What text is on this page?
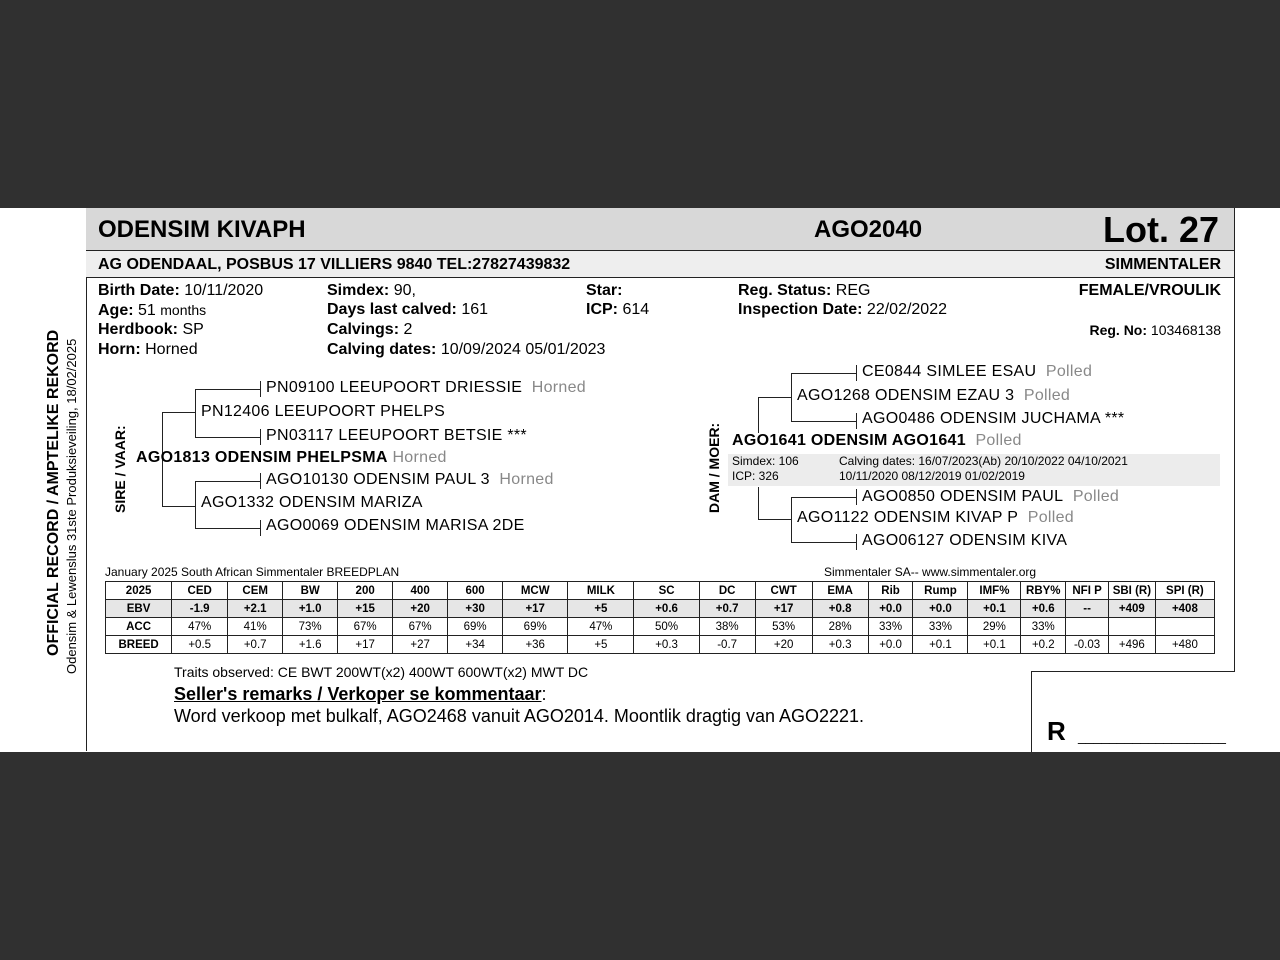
OFFICIAL RECORD / AMPTELIKE REKORD Odensim & Lewenslus 31ste Produksieveiling, 18/02/2025
ODENSIM KIVAPH	AGO2040	Lot. 27
AG ODENDAAL, POSBUS 17 VILLIERS 9840 TEL:27827439832	SIMMENTALER
Birth Date: 10/11/2020
Age: 51 months
Herdbook: SP
Horn: Horned
Simdex: 90,
Days last calved: 161
Calvings: 2
Calving dates: 10/09/2024 05/01/2023
Star:
ICP: 614
Reg. Status: REG
Inspection Date: 22/02/2022
FEMALE/VROULIK
Reg. No: 103468138
SIRE / VAAR:
PN09100 LEEUPOORT DRIESSIE Horned
PN12406 LEEUPOORT PHELPS
PN03117 LEEUPOORT BETSIE ***
AGO1813 ODENSIM PHELPSMA Horned
AGO10130 ODENSIM PAUL 3 Horned
AGO1332 ODENSIM MARIZA
AGO0069 ODENSIM MARISA 2DE
DAM / MOER:
CE0844 SIMLEE ESAU Polled
AGO1268 ODENSIM EZAU 3 Polled
AGO0486 ODENSIM JUCHAMA ***
AGO1641 ODENSIM AGO1641 Polled
Simdex: 106
ICP: 326
Calving dates: 16/07/2023(Ab) 20/10/2022 04/10/2021
10/11/2020 08/12/2019 01/02/2019
AGO0850 ODENSIM PAUL Polled
AGO1122 ODENSIM KIVAP P Polled
AGO06127 ODENSIM KIVA
January 2025 South African Simmentaler BREEDPLAN	Simmentaler SA-- www.simmentaler.org
2025	CED	CEM	BW	200	400	600	MCW	MILK	SC	DC	CWT	EMA	Rib	Rump	IMF%	RBY%	NFI P	SBI (R)	SPI (R)
EBV	-1.9	+2.1	+1.0	+15	+20	+30	+17	+5	+0.6	+0.7	+17	+0.8	+0.0	+0.0	+0.1	+0.6	--	+409	+408
ACC	47%	41%	73%	67%	67%	69%	69%	47%	50%	38%	53%	28%	33%	33%	29%	33%			
BREED	+0.5	+0.7	+1.6	+17	+27	+34	+36	+5	+0.3	-0.7	+20	+0.3	+0.0	+0.1	+0.1	+0.2	-0.03	+496	+480
Traits observed: CE BWT 200WT(x2) 400WT 600WT(x2) MWT DC
Seller's remarks / Verkoper se kommentaar:
Word verkoop met bulkalf, AGO2468 vanuit AGO2014. Moontlik dragtig van AGO2221.	R ___________________
